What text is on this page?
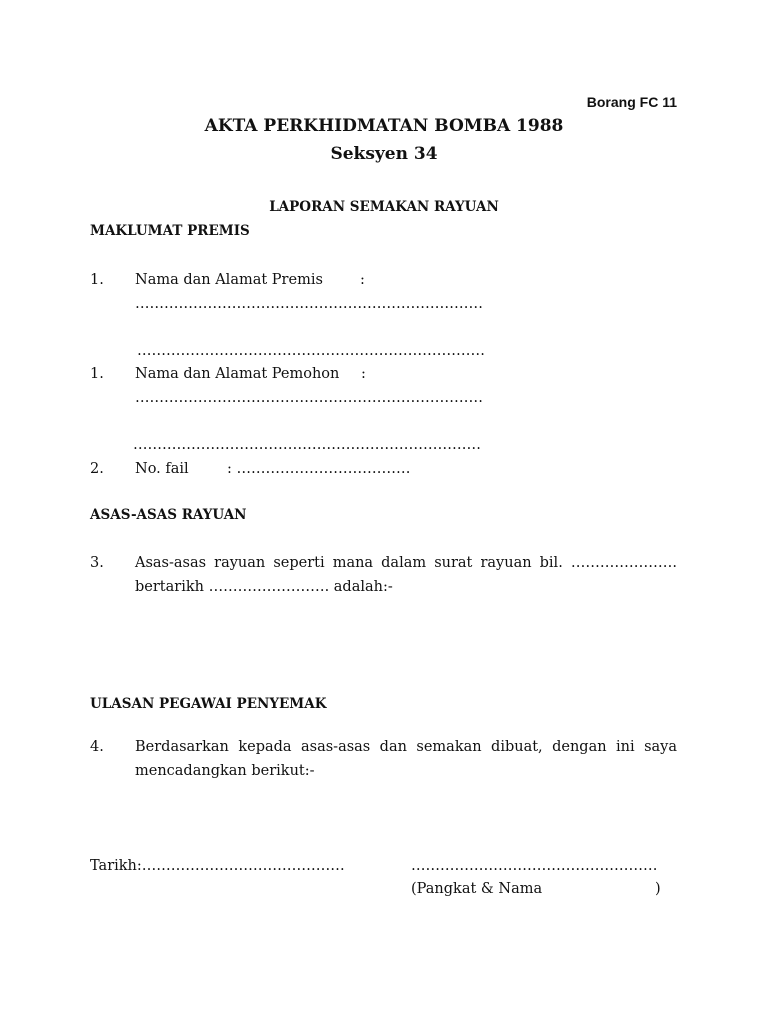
Borang FC 11
AKTA PERKHIDMATAN BOMBA 1988
Seksyen 34
LAPORAN SEMAKAN RAYUAN
MAKLUMAT PREMIS
1. Nama dan Alamat Premis	:
………………………………………………………………
………………………………………………………………
1. Nama dan Alamat Pemohon :
………………………………………………………………
………………………………………………………………
2. No. fail	: ………………………………
ASAS-ASAS RAYUAN
3. Asas-asas rayuan seperti mana dalam surat rayuan bil. …………………. bertarikh ……………………. adalah:-
ULASAN PEGAWAI PENYEMAK
4. Berdasarkan kepada asas-asas dan semakan dibuat, dengan ini saya mencadangkan berikut:-
Tarikh:……………………………………	……………………………………………
(Pangkat & Nama	)
